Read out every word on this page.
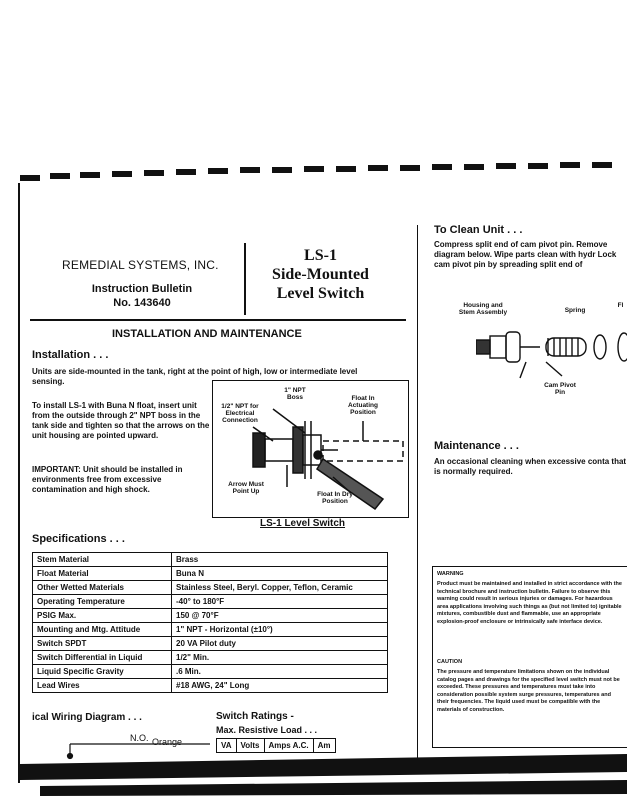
REMEDIAL SYSTEMS, INC.
Instruction Bulletin
No. 143640
LS-1
Side-Mounted
Level Switch
INSTALLATION AND MAINTENANCE
Installation . . .
Units are side-mounted in the tank, right at the point of high, low or intermediate level sensing.
To install LS-1 with Buna N float, insert unit from the outside through 2" NPT boss in the tank side and tighten so that the arrows on the unit housing are pointed upward.
IMPORTANT: Unit should be installed in environments free from excessive contamination and high shock.
1" NPT Boss
1/2" NPT for Electrical Connection
Float In Actuating Position
Arrow Must Point Up	Float In Dry Position
LS-1 Level Switch
Specifications . . .
Stem Material	Brass
Float Material	Buna N
Other Wetted Materials	Stainless Steel, Beryl. Copper, Teflon, Ceramic
Operating Temperature	-40° to 180°F
PSIG Max.	150 @ 70°F
Mounting and Mtg. Attitude	1" NPT - Horizontal (±10°)
Switch SPDT	20 VA Pilot duty
Switch Differential in Liquid	1/2" Min.
Liquid Specific Gravity	.6 Min.
Lead Wires	#18 AWG, 24" Long
ical Wiring Diagram . . .
N.O. Orange
Switch Ratings -
Max. Resistive Load . . .
VA	Volts	Amps A.C.	Am
To Clean Unit . . .
Compress split end of cam pivot pin. Remove diagram below. Wipe parts clean with hydr Lock cam pivot pin by spreading split end of
Housing and Stem Assembly	Spring
Fl
Cam Pivot Pin
Maintenance . . .
An occasional cleaning when excessive conta that is normally required.
WARNING
Product must be maintained and installed in strict accordance with the technical brochure and instruction bulletin. Failure to observe this warning could result in serious injuries or damages. For hazardous area applications involving such things as (but not limited to) ignitable mixtures, combustible dust and flammable, use an appropriate explosion-proof enclosure or intrinsically safe interface device.
CAUTION
The pressure and temperature limitations shown on the individual catalog pages and drawings for the specified level switch must not be exceeded. These pressures and temperatures must take into consideration possible system surge pressures, temperatures and their frequencies. The liquid used must be compatible with the materials of construction.
